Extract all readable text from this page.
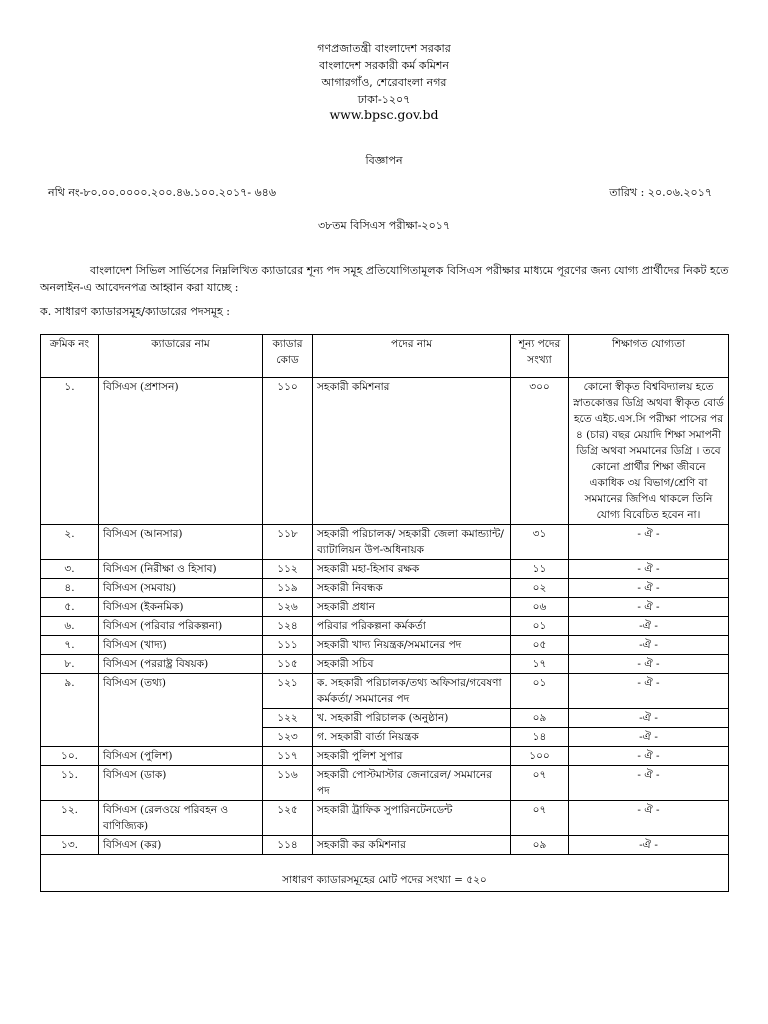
গণপ্রজাতন্ত্রী বাংলাদেশ সরকার
বাংলাদেশ সরকারী কর্ম কমিশন
আগারগাঁও, শেরেবাংলা নগর
ঢাকা-১২০৭
www.bpsc.gov.bd
বিজ্ঞাপন
নথি নং-৮০.০০.০০০০.২০০.৪৬.১০০.২০১৭- ৬৪৬	তারিখ : ২০.০৬.২০১৭
৩৮তম বিসিএস পরীক্ষা-২০১৭
বাংলাদেশ সিভিল সার্ভিসের নিম্নলিখিত ক্যাডারের শূন্য পদ সমূহ প্রতিযোগিতামূলক বিসিএস পরীক্ষার মাধ্যমে পূরণের জন্য যোগ্য প্রার্থীদের নিকট হতে
অনলাইন-এ আবেদনপত্র আহ্বান করা যাচ্ছে :
ক. সাধারণ ক্যাডারসমূহ/ক্যাডারের পদসমূহ :
ক্রমিক নং	ক্যাডারের নাম	ক্যাডার কোড	পদের নাম	শূন্য পদের সংখ্যা	শিক্ষাগত যোগ্যতা
১.	বিসিএস (প্রশাসন)	১১০	সহকারী কমিশনার	৩০০	কোনো স্বীকৃত বিশ্ববিদ্যালয় হতে স্নাতকোত্তর ডিগ্রি অথবা স্বীকৃত বোর্ড হতে এইচ.এস.সি পরীক্ষা পাসের পর ৪ (চার) বছর মেয়াদি শিক্ষা সমাপনী ডিগ্রি অথবা সমমানের ডিগ্রি । তবে কোনো প্রার্থীর শিক্ষা জীবনে একাধিক ৩য় বিভাগ/শ্রেণি বা সমমানের জিপিএ থাকলে তিনি যোগ্য বিবেচিত হবেন না।
২.	বিসিএস (আনসার)	১১৮	সহকারী পরিচালক/ সহকারী জেলা কমান্ড্যান্ট/ব্যাটালিয়ন উপ-অধিনায়ক	৩১	- ঐ -
৩.	বিসিএস (নিরীক্ষা ও হিসাব)	১১২	সহকারী মহা-হিসাব রক্ষক	১১	- ঐ -
৪.	বিসিএস (সমবায়)	১১৯	সহকারী নিবন্ধক	০২	- ঐ -
৫.	বিসিএস (ইকনমিক)	১২৬	সহকারী প্রধান	০৬	- ঐ -
৬.	বিসিএস (পরিবার পরিকল্পনা)	১২৪	পরিবার পরিকল্পনা কর্মকর্তা	০১	-ঐ -
৭.	বিসিএস (খাদ্য)	১১১	সহকারী খাদ্য নিয়ন্ত্রক/সমমানের পদ	০৫	-ঐ -
৮.	বিসিএস (পররাষ্ট্র বিষয়ক)	১১৫	সহকারী সচিব	১৭	- ঐ -
৯.	বিসিএস (তথ্য)	১২১	ক. সহকারী পরিচালক/তথ্য অফিসার/গবেষণা কর্মকর্তা/ সমমানের পদ	০১	- ঐ -
		১২২	খ. সহকারী পরিচালক (অনুষ্ঠান)	০৯	-ঐ -
		১২৩	গ. সহকারী বার্তা নিয়ন্ত্রক	১৪	-ঐ -
১০.	বিসিএস (পুলিশ)	১১৭	সহকারী পুলিশ সুপার	১০০	- ঐ -
১১.	বিসিএস (ডাক)	১১৬	সহকারী পোস্টমাস্টার জেনারেল/ সমমানের পদ	০৭	- ঐ -
১২.	বিসিএস (রেলওয়ে পরিবহন ও বাণিজ্যিক)	১২৫	সহকারী ট্রাফিক সুপারিনটেনডেন্ট	০৭	- ঐ -
১৩.	বিসিএস (কর)	১১৪	সহকারী কর কমিশনার	০৯	-ঐ -
সাধারণ ক্যাডারসমূহের মোট পদের সংখ্যা = ৫২০					
